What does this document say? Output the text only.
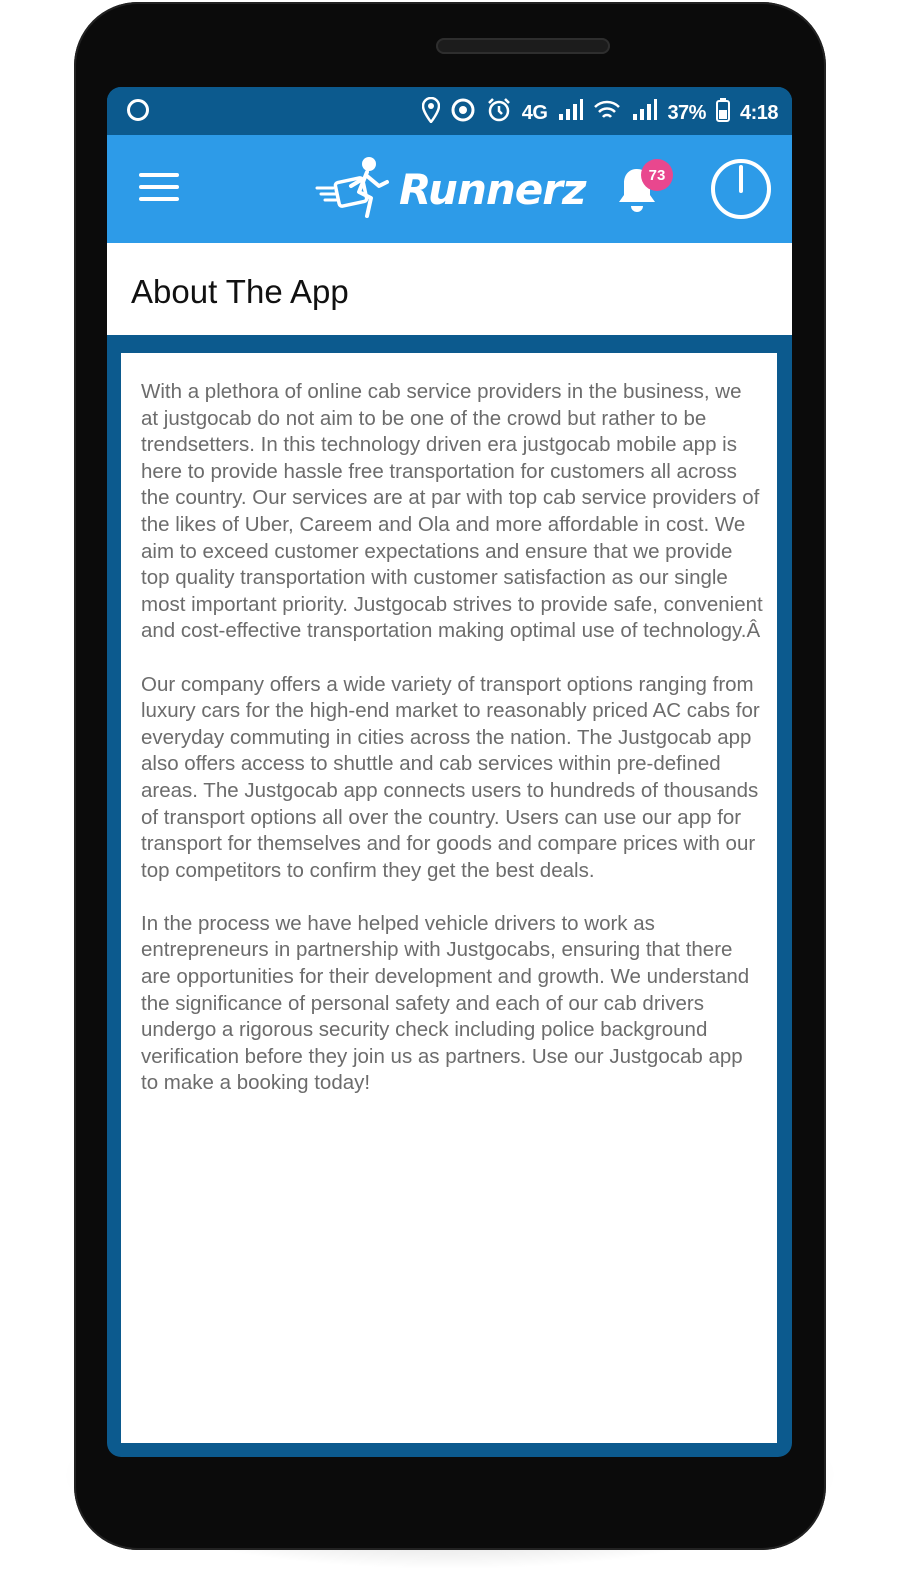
4G	37% 4:18
Runnerz	73
About The App

With a plethora of online cab service providers in the business, we at justgocab do not aim to be one of the crowd but rather to be trendsetters. In this technology driven era justgocab mobile app is here to provide hassle free transportation for customers all across the country. Our services are at par with top cab service providers of the likes of Uber, Careem and Ola and more affordable in cost. We aim to exceed customer expectations and ensure that we provide top quality transportation with customer satisfaction as our single most important priority. Justgocab strives to provide safe, convenient and cost-effective transportation making optimal use of technology.Â

Our company offers a wide variety of transport options ranging from luxury cars for the high-end market to reasonably priced AC cabs for everyday commuting in cities across the nation. The Justgocab app also offers access to shuttle and cab services within pre-defined areas. The Justgocab app connects users to hundreds of thousands of transport options all over the country. Users can use our app for transport for themselves and for goods and compare prices with our top competitors to confirm they get the best deals.

In the process we have helped vehicle drivers to work as entrepreneurs in partnership with Justgocabs, ensuring that there are opportunities for their development and growth. We understand the significance of personal safety and each of our cab drivers undergo a rigorous security check including police background verification before they join us as partners. Use our Justgocab app to make a booking today!
